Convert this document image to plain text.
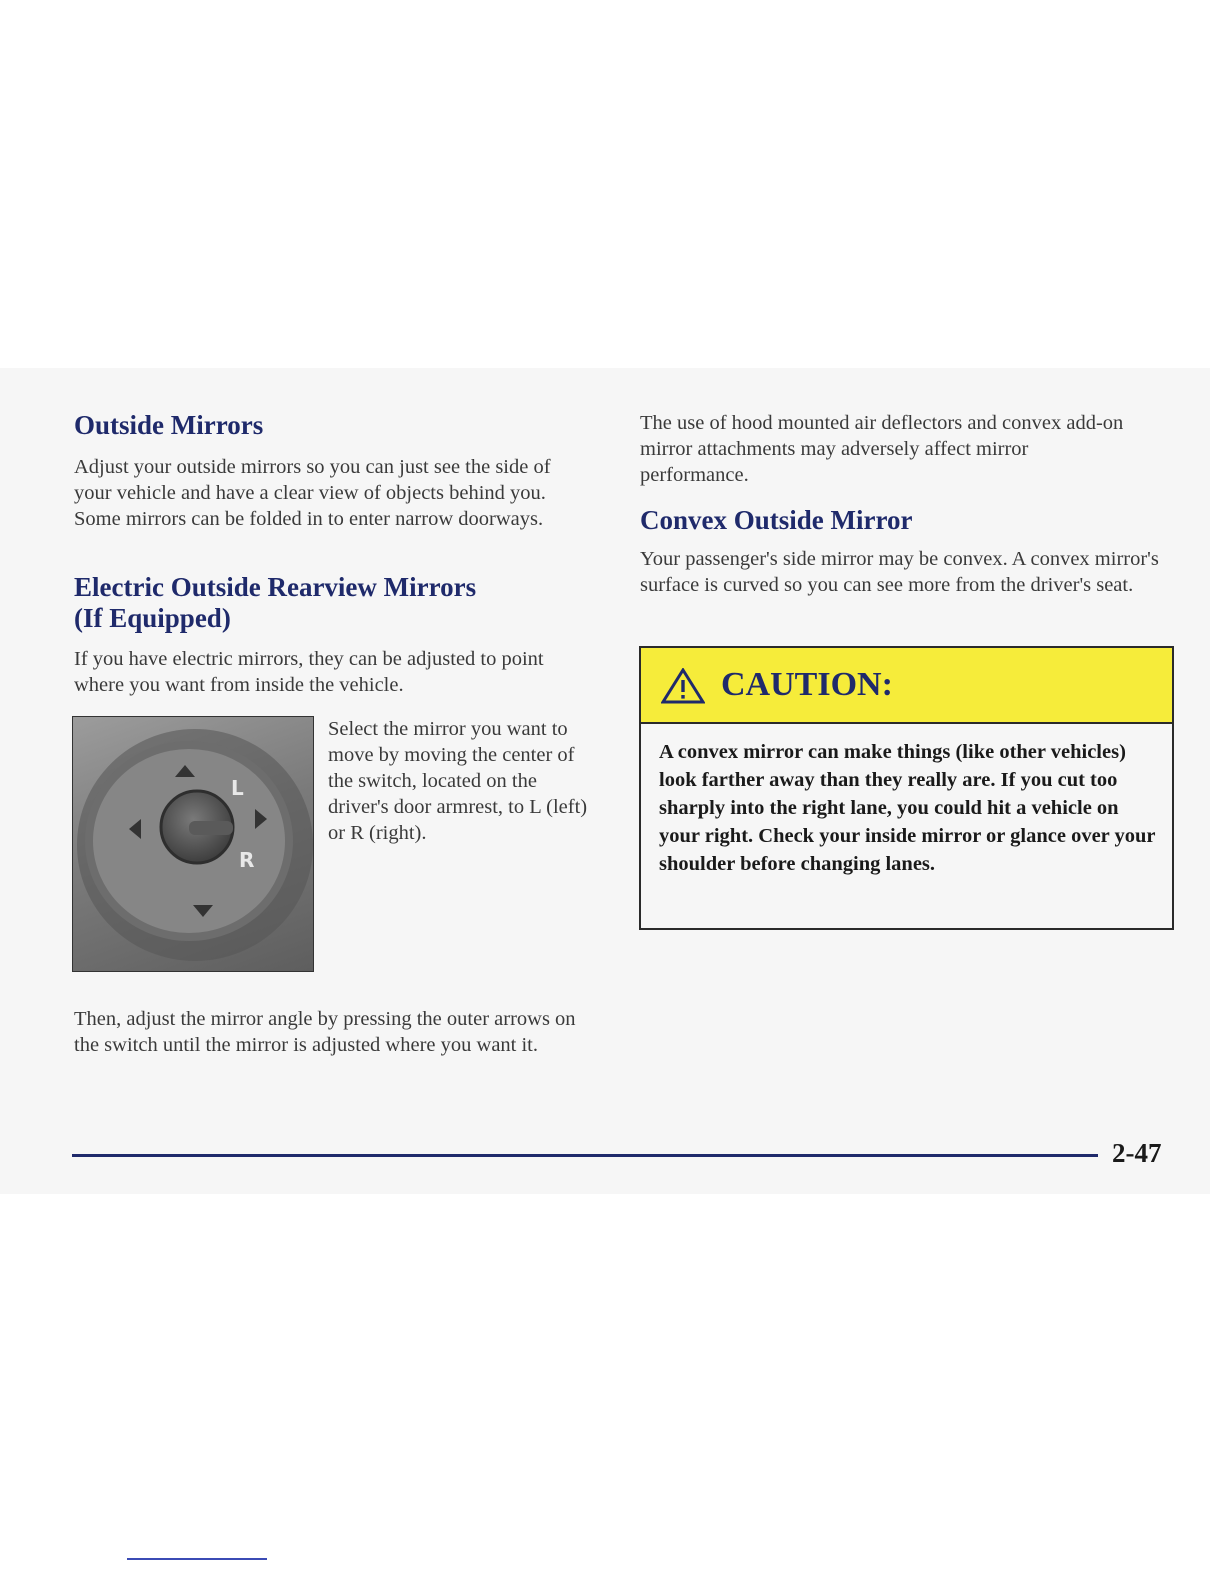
Outside Mirrors

Adjust your outside mirrors so you can just see the side of your vehicle and have a clear view of objects behind you. Some mirrors can be folded in to enter narrow doorways.

Electric Outside Rearview Mirrors
(If Equipped)

If you have electric mirrors, they can be adjusted to point where you want from inside the vehicle.

L
R

Select the mirror you want to move by moving the center of the switch, located on the driver's door armrest, to L (left) or R (right).

Then, adjust the mirror angle by pressing the outer arrows on the switch until the mirror is adjusted where you want it.

The use of hood mounted air deflectors and convex add-on mirror attachments may adversely affect mirror performance.

Convex Outside Mirror

Your passenger's side mirror may be convex. A convex mirror's surface is curved so you can see more from the driver's seat.

CAUTION:

A convex mirror can make things (like other vehicles) look farther away than they really are. If you cut too sharply into the right lane, you could hit a vehicle on your right. Check your inside mirror or glance over your shoulder before changing lanes.

2-47
